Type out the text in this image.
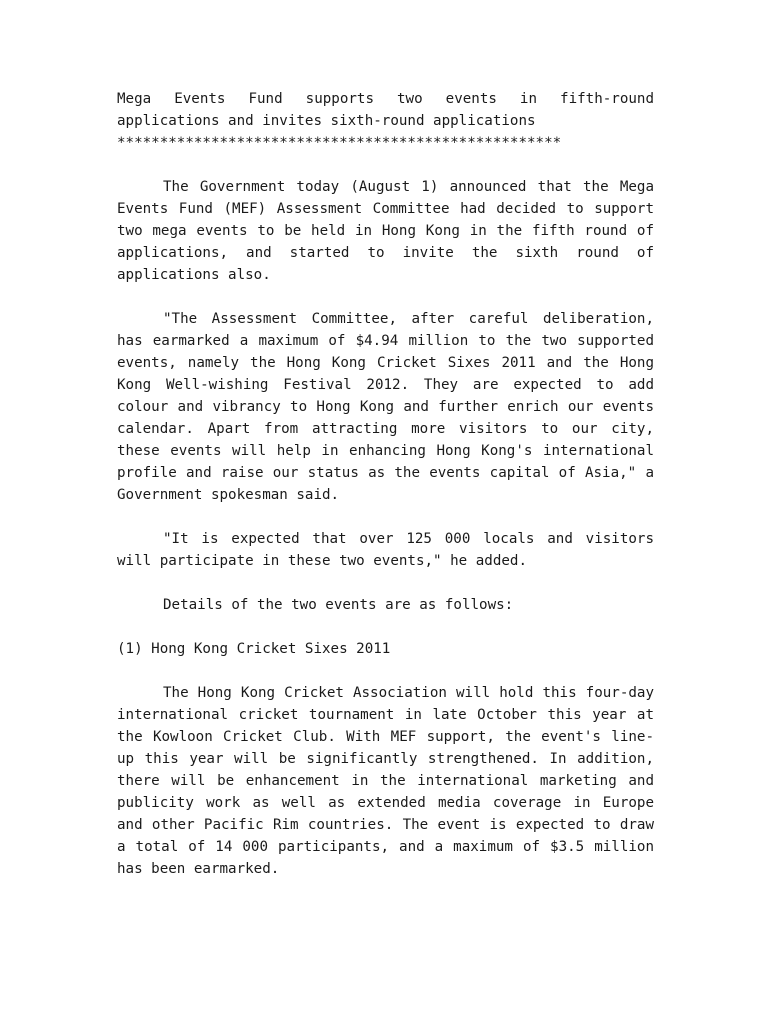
Mega Events Fund supports two events in fifth-round applications and invites sixth-round applications

****************************************************

The Government today (August 1) announced that the Mega Events Fund (MEF) Assessment Committee had decided to support two mega events to be held in Hong Kong in the fifth round of applications, and started to invite the sixth round of applications also.

"The Assessment Committee, after careful deliberation, has earmarked a maximum of $4.94 million to the two supported events, namely the Hong Kong Cricket Sixes 2011 and the Hong Kong Well-wishing Festival 2012. They are expected to add colour and vibrancy to Hong Kong and further enrich our events calendar. Apart from attracting more visitors to our city, these events will help in enhancing Hong Kong's international profile and raise our status as the events capital of Asia," a Government spokesman said.

"It is expected that over 125 000 locals and visitors will participate in these two events," he added.

Details of the two events are as follows:

(1) Hong Kong Cricket Sixes 2011

The Hong Kong Cricket Association will hold this four-day international cricket tournament in late October this year at the Kowloon Cricket Club. With MEF support, the event's line-up this year will be significantly strengthened. In addition, there will be enhancement in the international marketing and publicity work as well as extended media coverage in Europe and other Pacific Rim countries. The event is expected to draw a total of 14 000 participants, and a maximum of $3.5 million has been earmarked.
